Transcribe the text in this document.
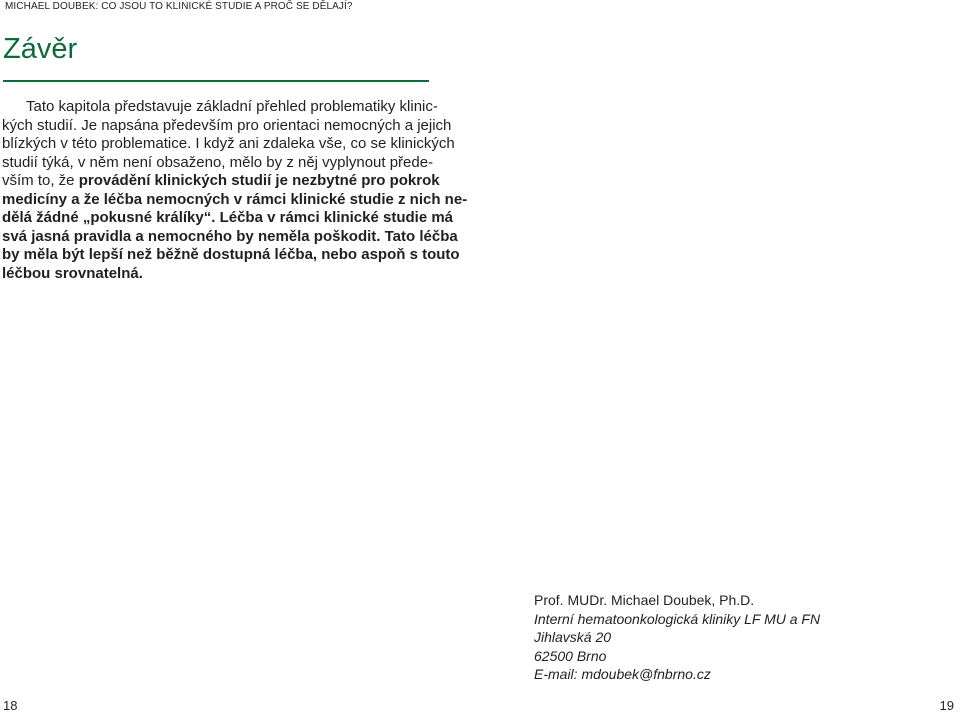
MICHAEL DOUBEK: CO JSOU TO KLINICKÉ STUDIE A PROČ SE DĚLAJÍ?
Závěr
Tato kapitola představuje základní přehled problematiky klinic-
kých studií. Je napsána především pro orientaci nemocných a jejich
blízkých v této problematice. I když ani zdaleka vše, co se klinických
studií týká, v něm není obsaženo, mělo by z něj vyplynout přede-
vším to, že provádění klinických studií je nezbytné pro pokrok
medicíny a že léčba nemocných v rámci klinické studie z nich ne-
dělá žádné „pokusné králíky“. Léčba v rámci klinické studie má
svá jasná pravidla a nemocného by neměla poškodit. Tato léčba
by měla být lepší než běžně dostupná léčba, nebo aspoň s touto
léčbou srovnatelná.
Prof. MUDr. Michael Doubek, Ph.D.
Interní hematoonkologická kliniky LF MU a FN
Jihlavská 20
62500 Brno
E-mail: mdoubek@fnbrno.cz
18	19
